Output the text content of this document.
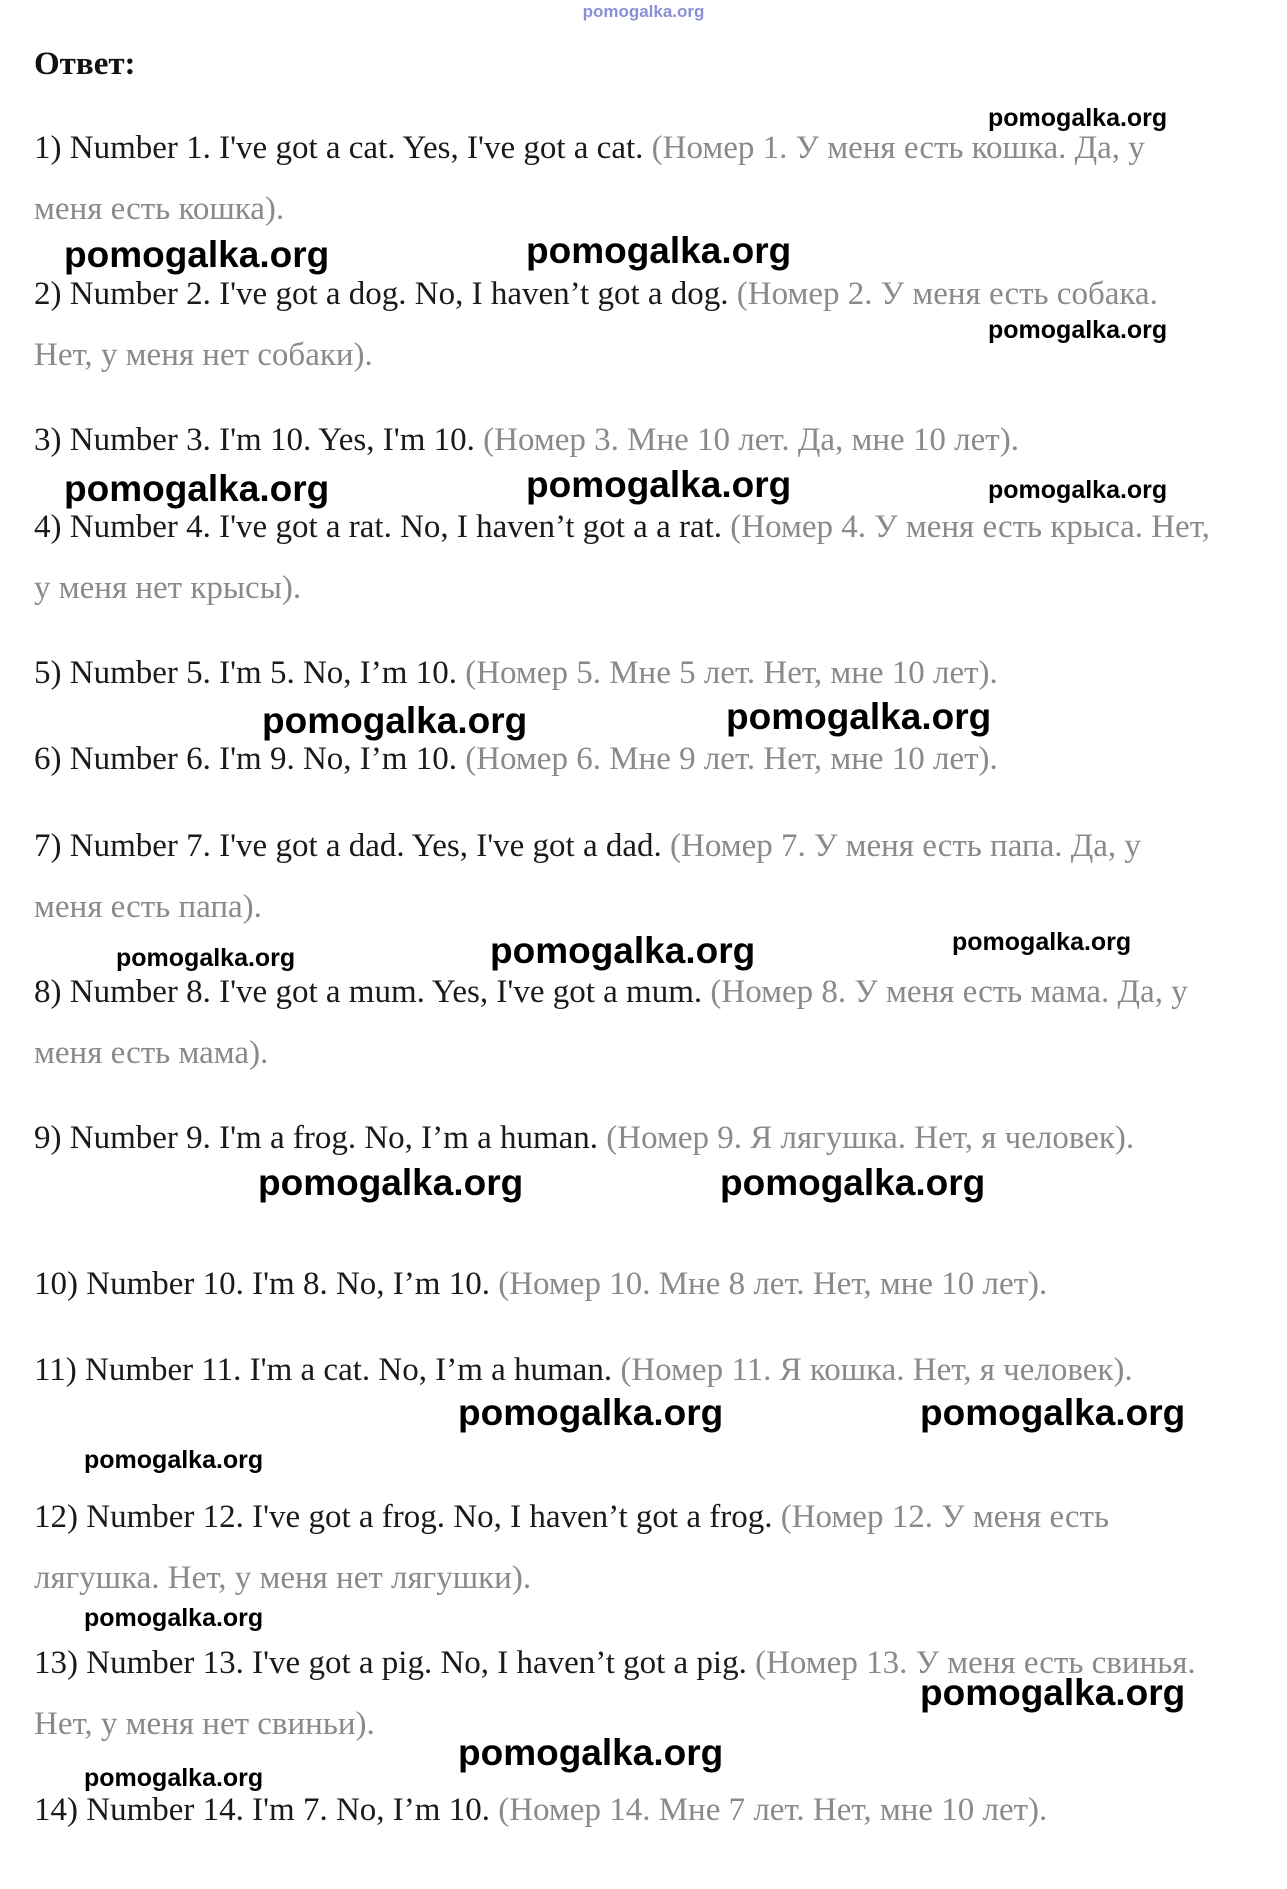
pomogalka.org
Ответ:
1) Number 1. I've got a cat. Yes, I've got a cat. (Номер 1. У меня есть кошка. Да, у меня есть кошка).
2) Number 2. I've got a dog. No, I haven’t got a dog. (Номер 2. У меня есть собака. Нет, у меня нет собаки).
3) Number 3. I'm 10. Yes, I'm 10. (Номер 3. Мне 10 лет. Да, мне 10 лет).
4) Number 4. I've got a rat. No, I haven’t got a a rat. (Номер 4. У меня есть крыса. Нет, у меня нет крысы).
5) Number 5. I'm 5. No, I’m 10. (Номер 5. Мне 5 лет. Нет, мне 10 лет).
6) Number 6. I'm 9. No, I’m 10. (Номер 6. Мне 9 лет. Нет, мне 10 лет).
7) Number 7. I've got a dad. Yes, I've got a dad. (Номер 7. У меня есть папа. Да, у меня есть папа).
8) Number 8. I've got a mum. Yes, I've got a mum. (Номер 8. У меня есть мама. Да, у меня есть мама).
9) Number 9. I'm a frog. No, I’m a human. (Номер 9. Я лягушка. Нет, я человек).
10) Number 10. I'm 8. No, I’m 10. (Номер 10. Мне 8 лет. Нет, мне 10 лет).
11) Number 11. I'm a cat. No, I’m a human. (Номер 11. Я кошка. Нет, я человек).
12) Number 12. I've got a frog. No, I haven’t got a frog. (Номер 12. У меня есть лягушка. Нет, у меня нет лягушки).
13) Number 13. I've got a pig. No, I haven’t got a pig. (Номер 13. У меня есть свинья. Нет, у меня нет свиньи).
14) Number 14. I'm 7. No, I’m 10. (Номер 14. Мне 7 лет. Нет, мне 10 лет).
pomogalka.org
pomogalka.org	pomogalka.org
pomogalka.org
pomogalka.org	pomogalka.org	pomogalka.org
pomogalka.org	pomogalka.org
pomogalka.org	pomogalka.org	pomogalka.org
pomogalka.org	pomogalka.org
pomogalka.org	pomogalka.org
pomogalka.org
pomogalka.org
pomogalka.org
pomogalka.org
pomogalka.org
